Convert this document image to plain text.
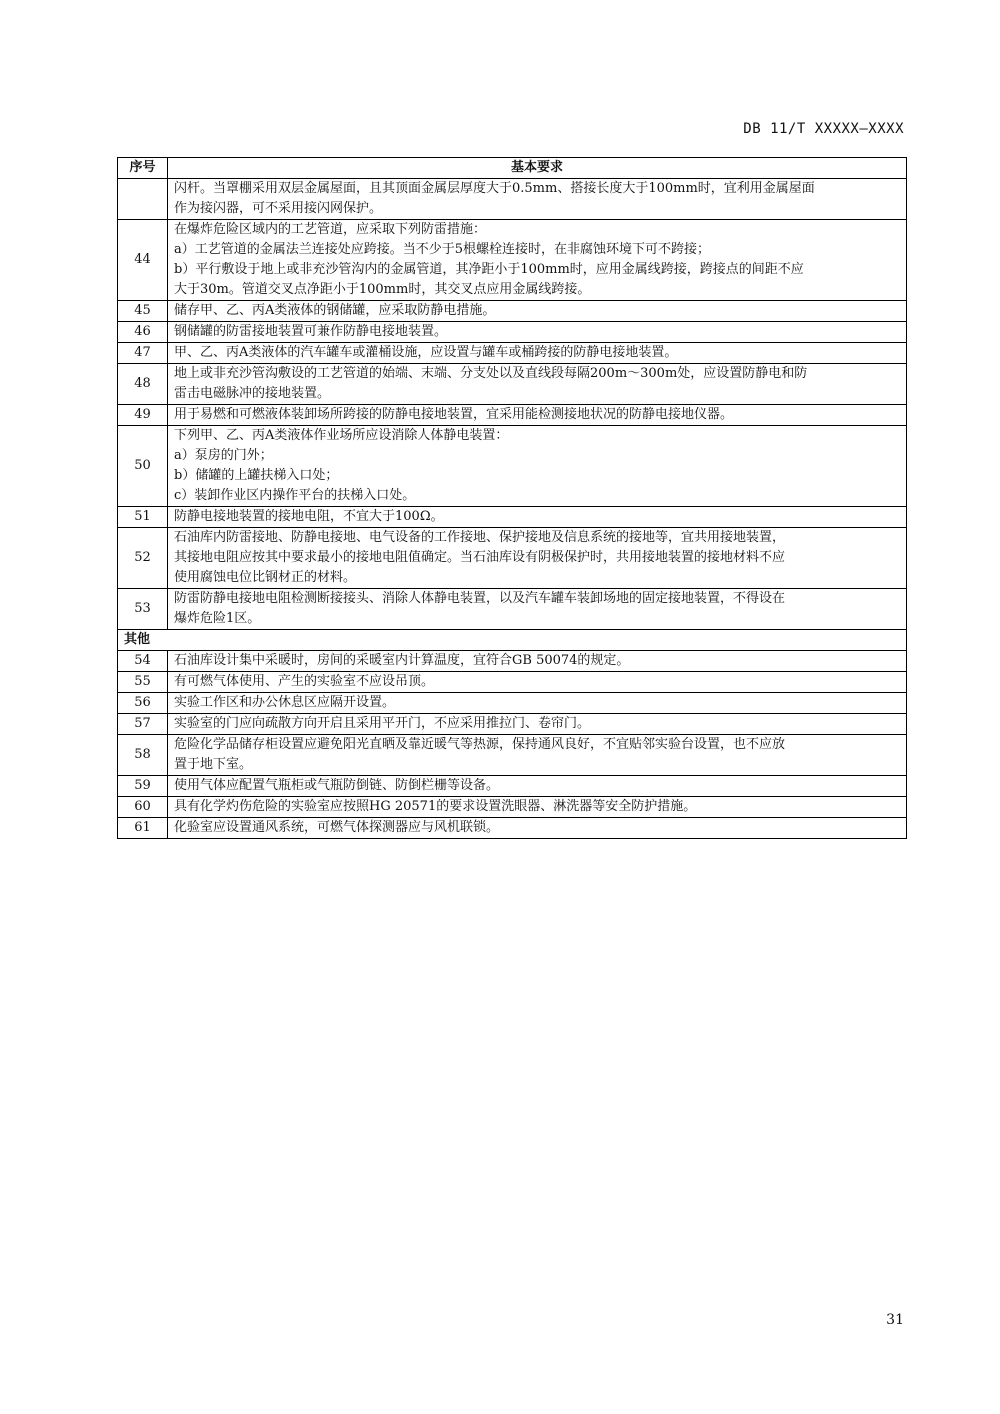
DB 11/T XXXXX—XXXX
序号	基本要求

	闪杆。当罩棚采用双层金属屋面，且其顶面金属层厚度大于0.5mm、搭接长度大于100mm时，宜利用金属屋面
作为接闪器，可不采用接闪网保护。

44	在爆炸危险区域内的工艺管道，应采取下列防雷措施：
a）工艺管道的金属法兰连接处应跨接。当不少于5根螺栓连接时，在非腐蚀环境下可不跨接；
b）平行敷设于地上或非充沙管沟内的金属管道，其净距小于100mm时，应用金属线跨接，跨接点的间距不应
大于30m。管道交叉点净距小于100mm时，其交叉点应用金属线跨接。

45	储存甲、乙、丙A类液体的钢储罐，应采取防静电措施。

46	钢储罐的防雷接地装置可兼作防静电接地装置。

47	甲、乙、丙A类液体的汽车罐车或灌桶设施，应设置与罐车或桶跨接的防静电接地装置。

48	地上或非充沙管沟敷设的工艺管道的始端、末端、分支处以及直线段每隔200m～300m处，应设置防静电和防
雷击电磁脉冲的接地装置。

49	用于易燃和可燃液体装卸场所跨接的防静电接地装置，宜采用能检测接地状况的防静电接地仪器。

50	下列甲、乙、丙A类液体作业场所应设消除人体静电装置：
a）泵房的门外；
b）储罐的上罐扶梯入口处；
c）装卸作业区内操作平台的扶梯入口处。

51	防静电接地装置的接地电阻，不宜大于100Ω。

52	石油库内防雷接地、防静电接地、电气设备的工作接地、保护接地及信息系统的接地等，宜共用接地装置，
其接地电阻应按其中要求最小的接地电阻值确定。当石油库设有阴极保护时，共用接地装置的接地材料不应
使用腐蚀电位比钢材正的材料。

53	防雷防静电接地电阻检测断接接头、消除人体静电装置，以及汽车罐车装卸场地的固定接地装置，不得设在
爆炸危险1区。

其他	
54	石油库设计集中采暖时，房间的采暖室内计算温度，宜符合GB 50074的规定。

55	有可燃气体使用、产生的实验室不应设吊顶。

56	实验工作区和办公休息区应隔开设置。

57	实验室的门应向疏散方向开启且采用平开门，不应采用推拉门、卷帘门。

58	危险化学品储存柜设置应避免阳光直晒及靠近暖气等热源，保持通风良好，不宜贴邻实验台设置，也不应放
置于地下室。

59	使用气体应配置气瓶柜或气瓶防倒链、防倒栏栅等设备。

60	具有化学灼伤危险的实验室应按照HG 20571的要求设置洗眼器、淋洗器等安全防护措施。

61	化验室应设置通风系统，可燃气体探测器应与风机联锁。
31
